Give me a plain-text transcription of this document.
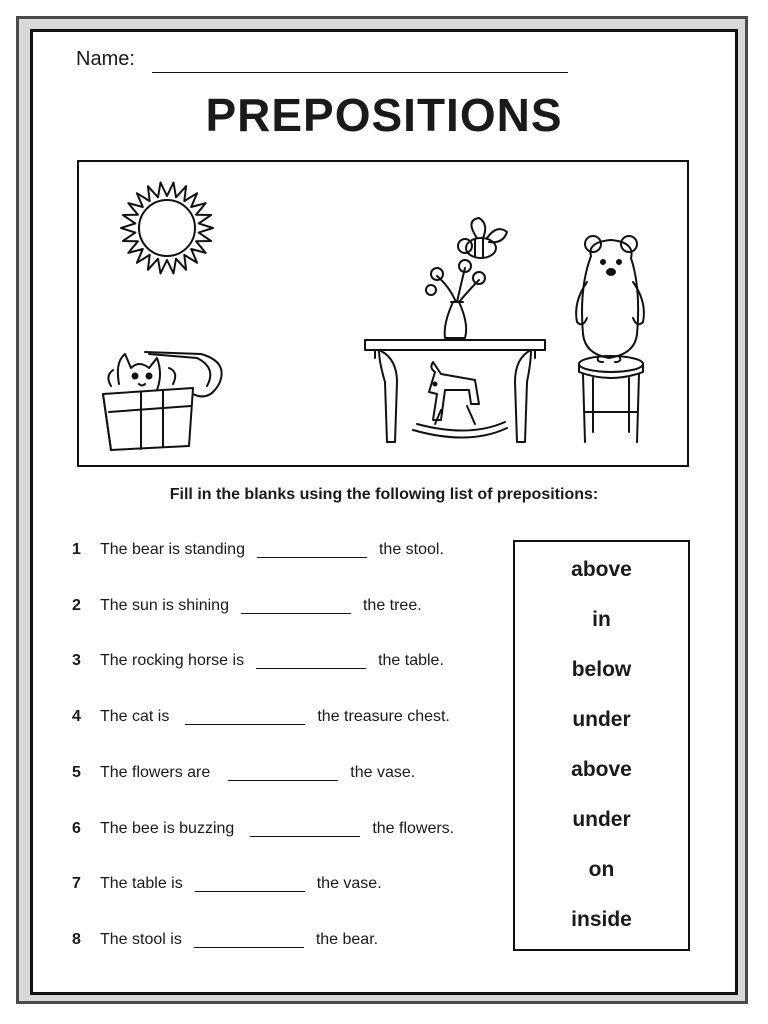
Name:
PREPOSITIONS
Fill in the blanks using the following list of prepositions:
1	The bear is standing	the stool.
2	The sun is shining	the tree.
3	The rocking horse is	the table.
4	The cat is	the treasure chest.
5	The flowers are	the vase.
6	The bee is buzzing	the flowers.
7	The table is	the vase.
8	The stool is	the bear.
above
in
below
under
above
under
on
inside
